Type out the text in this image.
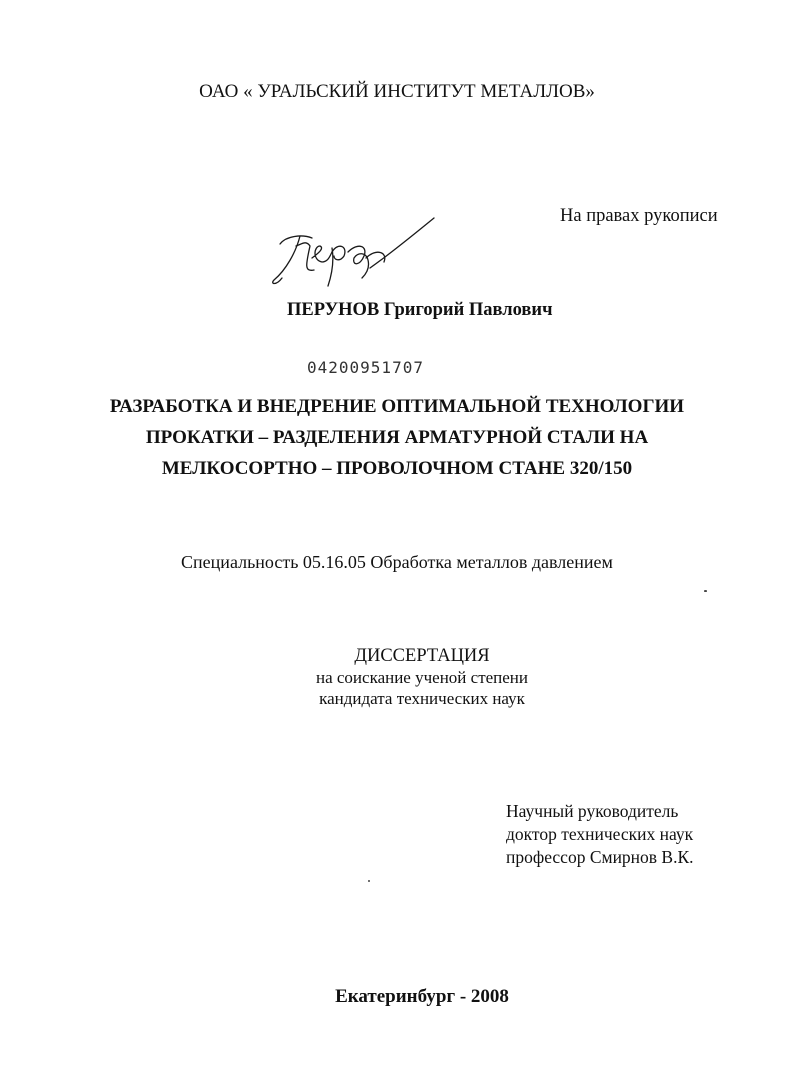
ОАО « УРАЛЬСКИЙ ИНСТИТУТ МЕТАЛЛОВ»
На правах рукописи
ПЕРУНОВ Григорий Павлович
04200951707
РАЗРАБОТКА И ВНЕДРЕНИЕ ОПТИМАЛЬНОЙ ТЕХНОЛОГИИ
ПРОКАТКИ – РАЗДЕЛЕНИЯ АРМАТУРНОЙ СТАЛИ НА
МЕЛКОСОРТНО – ПРОВОЛОЧНОМ СТАНЕ 320/150
Специальность 05.16.05 Обработка металлов давлением
ДИССЕРТАЦИЯ
на соискание ученой степени
кандидата технических наук
Научный руководитель
доктор технических наук
профессор Смирнов В.К.
Екатеринбург - 2008
